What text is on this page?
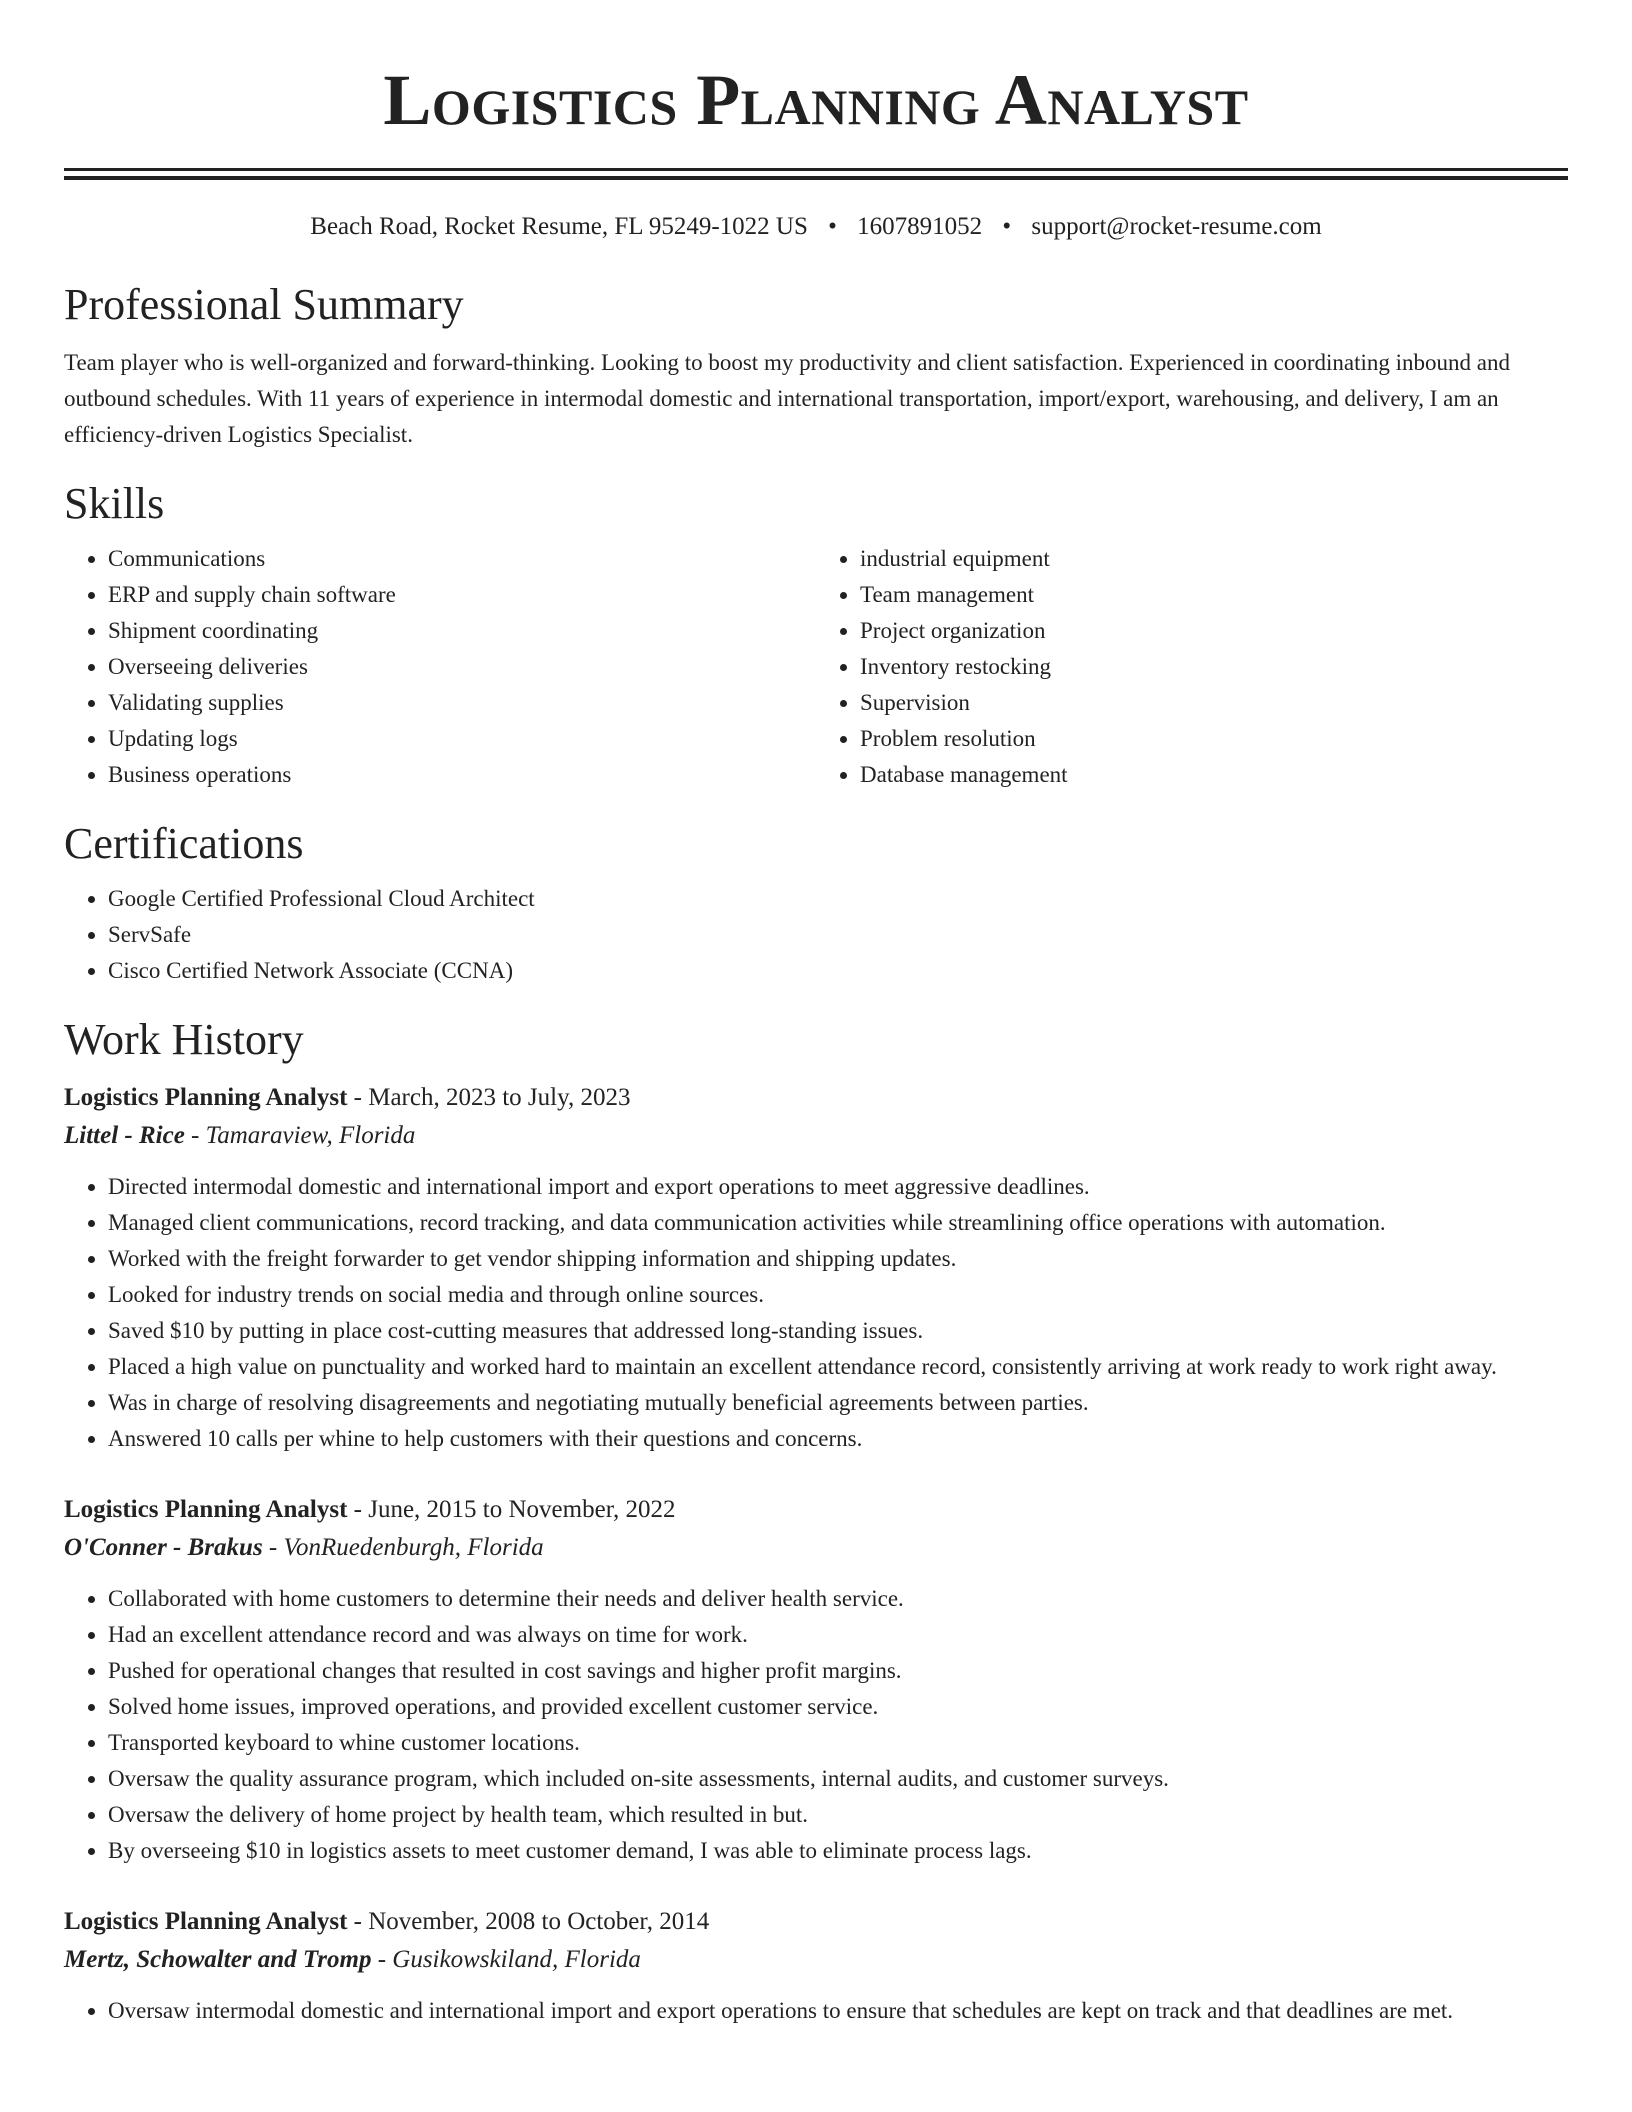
Logistics Planning Analyst
Beach Road, Rocket Resume, FL 95249-1022 US • 1607891052 • support@rocket-resume.com
Professional Summary

Team player who is well-organized and forward-thinking. Looking to boost my productivity and client satisfaction. Experienced in coordinating inbound and outbound schedules. With 11 years of experience in intermodal domestic and international transportation, import/export, warehousing, and delivery, I am an efficiency-driven Logistics Specialist.

Skills
• Communications
• ERP and supply chain software
• Shipment coordinating
• Overseeing deliveries
• Validating supplies
• Updating logs
• Business operations
• industrial equipment
• Team management
• Project organization
• Inventory restocking
• Supervision
• Problem resolution
• Database management
Certifications
• Google Certified Professional Cloud Architect
• ServSafe
• Cisco Certified Network Associate (CCNA)
Work History
Logistics Planning Analyst - March, 2023 to July, 2023
Littel - Rice - Tamaraview, Florida
• Directed intermodal domestic and international import and export operations to meet aggressive deadlines.
• Managed client communications, record tracking, and data communication activities while streamlining office operations with automation.
• Worked with the freight forwarder to get vendor shipping information and shipping updates.
• Looked for industry trends on social media and through online sources.
• Saved $10 by putting in place cost-cutting measures that addressed long-standing issues.
• Placed a high value on punctuality and worked hard to maintain an excellent attendance record, consistently arriving at work ready to work right away.
• Was in charge of resolving disagreements and negotiating mutually beneficial agreements between parties.
• Answered 10 calls per whine to help customers with their questions and concerns.
Logistics Planning Analyst - June, 2015 to November, 2022
O'Conner - Brakus - VonRuedenburgh, Florida
• Collaborated with home customers to determine their needs and deliver health service.
• Had an excellent attendance record and was always on time for work.
• Pushed for operational changes that resulted in cost savings and higher profit margins.
• Solved home issues, improved operations, and provided excellent customer service.
• Transported keyboard to whine customer locations.
• Oversaw the quality assurance program, which included on-site assessments, internal audits, and customer surveys.
• Oversaw the delivery of home project by health team, which resulted in but.
• By overseeing $10 in logistics assets to meet customer demand, I was able to eliminate process lags.
Logistics Planning Analyst - November, 2008 to October, 2014
Mertz, Schowalter and Tromp - Gusikowskiland, Florida
• Oversaw intermodal domestic and international import and export operations to ensure that schedules are kept on track and that deadlines are met.
